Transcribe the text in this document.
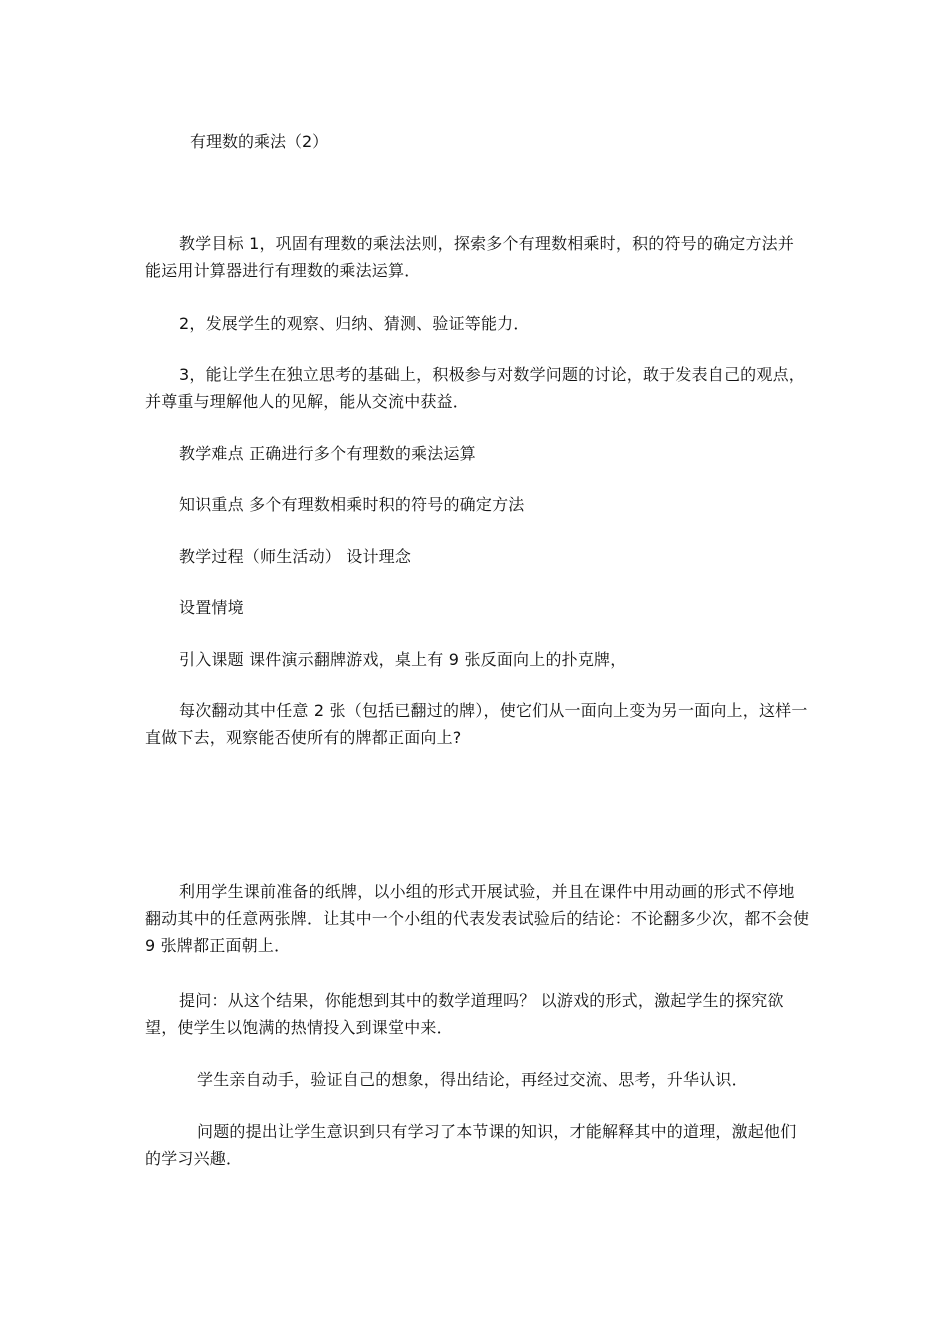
有理数的乘法（2）
教学目标 1，巩固有理数的乘法法则，探索多个有理数相乘时，积的符号的确定方法并能运用计算器进行有理数的乘法运算．
2，发展学生的观察、归纳、猜测、验证等能力．
3，能让学生在独立思考的基础上，积极参与对数学问题的讨论，敢于发表自己的观点，并尊重与理解他人的见解，能从交流中获益．
教学难点 正确进行多个有理数的乘法运算
知识重点 多个有理数相乘时积的符号的确定方法
教学过程（师生活动） 设计理念
设置情境
引入课题 课件演示翻牌游戏，桌上有 9 张反面向上的扑克牌，
每次翻动其中任意 2 张（包括已翻过的牌），使它们从一面向上变为另一面向上，这样一直做下去，观察能否使所有的牌都正面向上?
利用学生课前准备的纸牌，以小组的形式开展试验，并且在课件中用动画的形式不停地翻动其中的任意两张牌．让其中一个小组的代表发表试验后的结论：不论翻多少次，都不会使 9 张牌都正面朝上．
提问：从这个结果，你能想到其中的数学道理吗？ 以游戏的形式，激起学生的探究欲望，使学生以饱满的热情投入到课堂中来．
学生亲自动手，验证自己的想象，得出结论，再经过交流、思考，升华认识．
问题的提出让学生意识到只有学习了本节课的知识，才能解释其中的道理，激起他们的学习兴趣．
